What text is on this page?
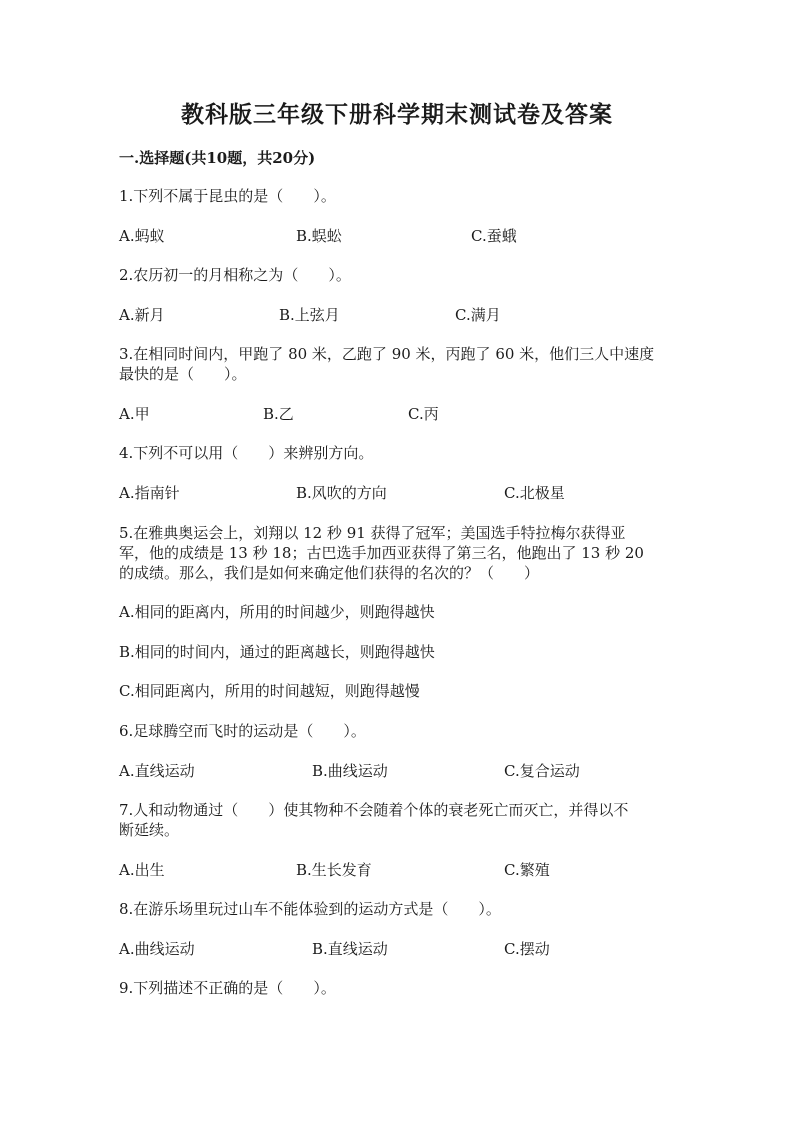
教科版三年级下册科学期末测试卷及答案
一.选择题(共10题，共20分)
1.下列不属于昆虫的是（　　）。
A.蚂蚁	B.蜈蚣	C.蚕蛾
2.农历初一的月相称之为（　　）。
A.新月	B.上弦月	C.满月
3.在相同时间内，甲跑了 80 米，乙跑了 90 米，丙跑了 60 米，他们三人中速度
最快的是（　　）。
A.甲	B.乙	C.丙
4.下列不可以用（　　）来辨别方向。
A.指南针	B.风吹的方向	C.北极星
5.在雅典奥运会上，刘翔以 12 秒 91 获得了冠军；美国选手特拉梅尔获得亚
军，他的成绩是 13 秒 18；古巴选手加西亚获得了第三名，他跑出了 13 秒 20
的成绩。那么，我们是如何来确定他们获得的名次的？（　　）
A.相同的距离内，所用的时间越少，则跑得越快
B.相同的时间内，通过的距离越长，则跑得越快
C.相同距离内，所用的时间越短，则跑得越慢
6.足球腾空而飞时的运动是（　　）。
A.直线运动	B.曲线运动	C.复合运动
7.人和动物通过（　　）使其物种不会随着个体的衰老死亡而灭亡，并得以不
断延续。
A.出生	B.生长发育	C.繁殖
8.在游乐场里玩过山车不能体验到的运动方式是（　　）。
A.曲线运动	B.直线运动	C.摆动
9.下列描述不正确的是（　　）。
